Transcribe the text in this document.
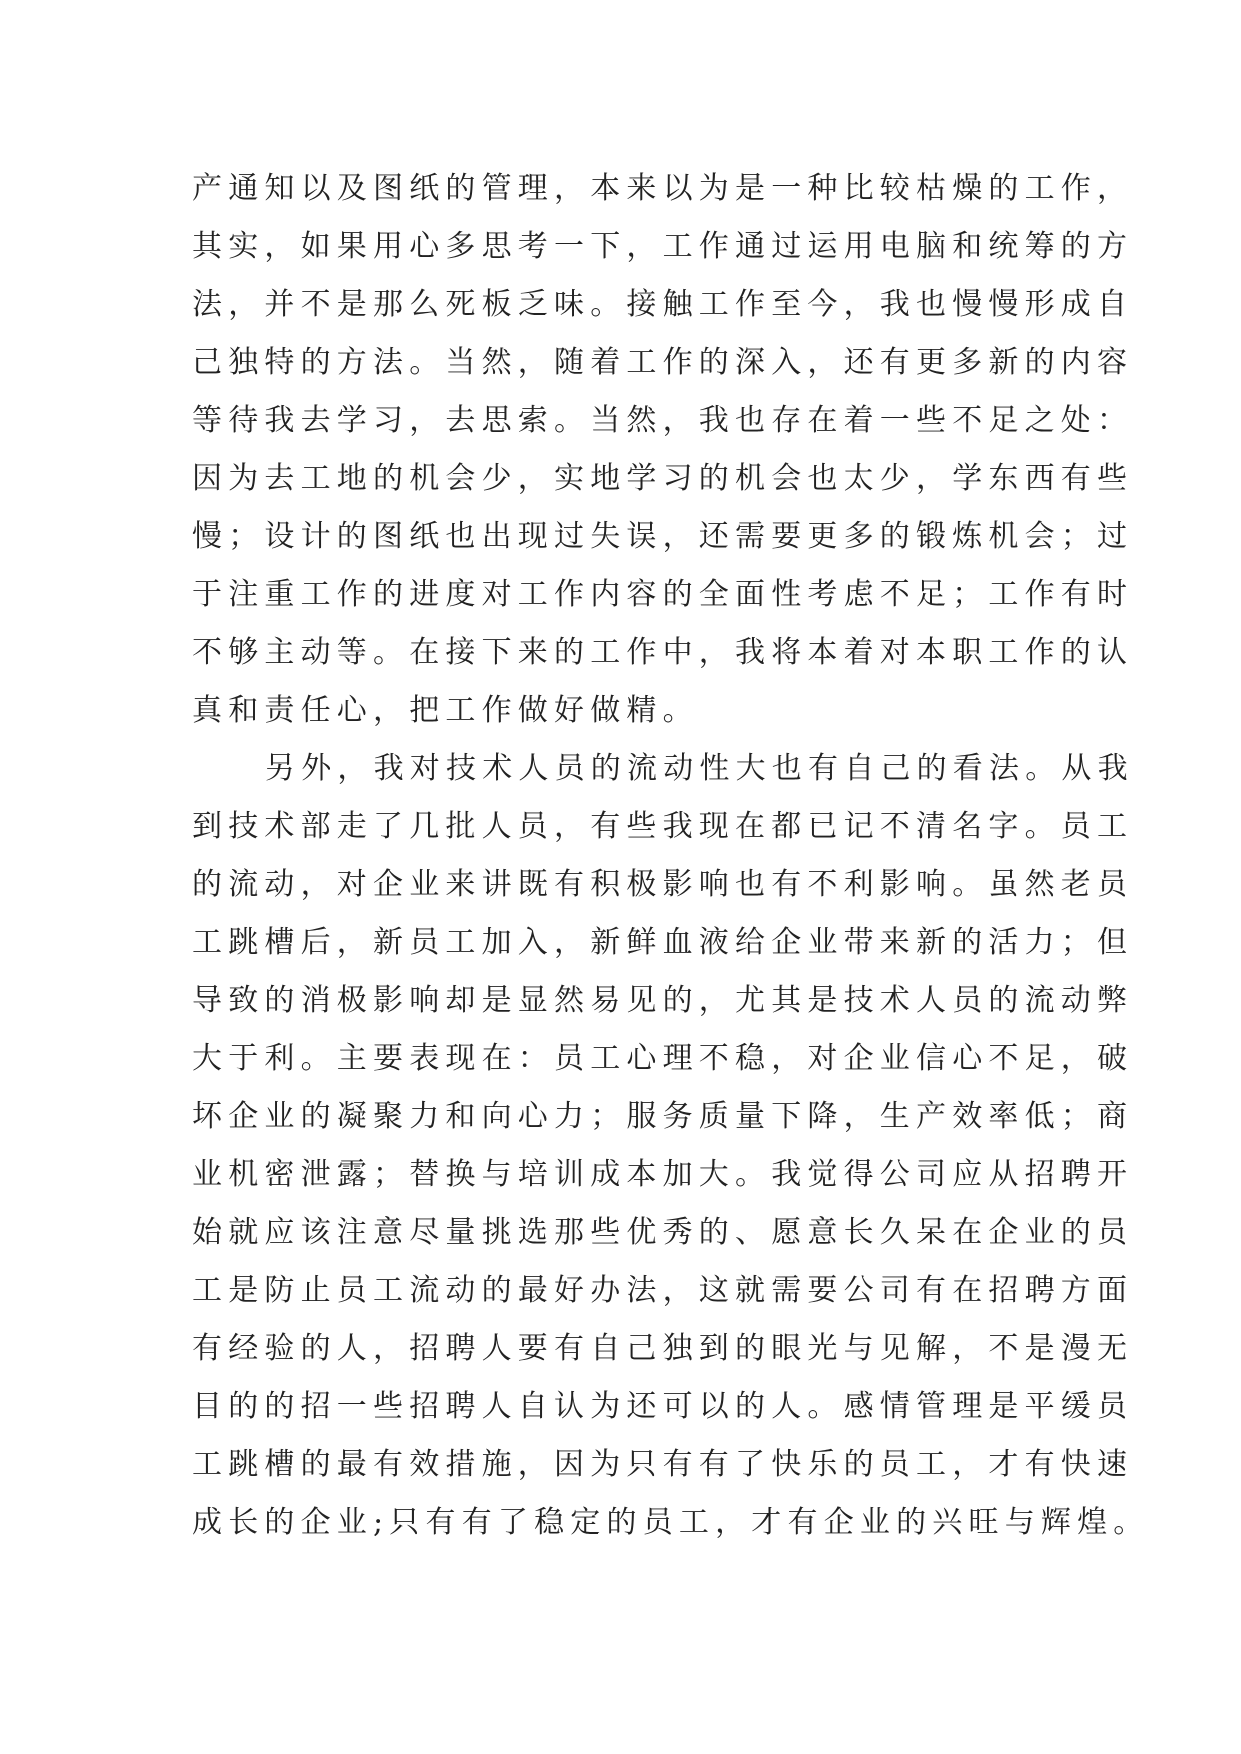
产通知以及图纸的管理，本来以为是一种比较枯燥的工作，
其实，如果用心多思考一下，工作通过运用电脑和统筹的方
法，并不是那么死板乏味。接触工作至今，我也慢慢形成自
己独特的方法。当然，随着工作的深入，还有更多新的内容
等待我去学习，去思索。当然，我也存在着一些不足之处：
因为去工地的机会少，实地学习的机会也太少，学东西有些
慢；设计的图纸也出现过失误，还需要更多的锻炼机会；过
于注重工作的进度对工作内容的全面性考虑不足；工作有时
不够主动等。在接下来的工作中，我将本着对本职工作的认
真和责任心，把工作做好做精。
另外，我对技术人员的流动性大也有自己的看法。从我
到技术部走了几批人员，有些我现在都已记不清名字。员工
的流动，对企业来讲既有积极影响也有不利影响。虽然老员
工跳槽后，新员工加入，新鲜血液给企业带来新的活力；但
导致的消极影响却是显然易见的，尤其是技术人员的流动弊
大于利。主要表现在：员工心理不稳，对企业信心不足，破
坏企业的凝聚力和向心力；服务质量下降，生产效率低；商
业机密泄露；替换与培训成本加大。我觉得公司应从招聘开
始就应该注意尽量挑选那些优秀的、愿意长久呆在企业的员
工是防止员工流动的最好办法，这就需要公司有在招聘方面
有经验的人，招聘人要有自己独到的眼光与见解，不是漫无
目的的招一些招聘人自认为还可以的人。感情管理是平缓员
工跳槽的最有效措施，因为只有有了快乐的员工，才有快速
成长的企业;只有有了稳定的员工，才有企业的兴旺与辉煌。
